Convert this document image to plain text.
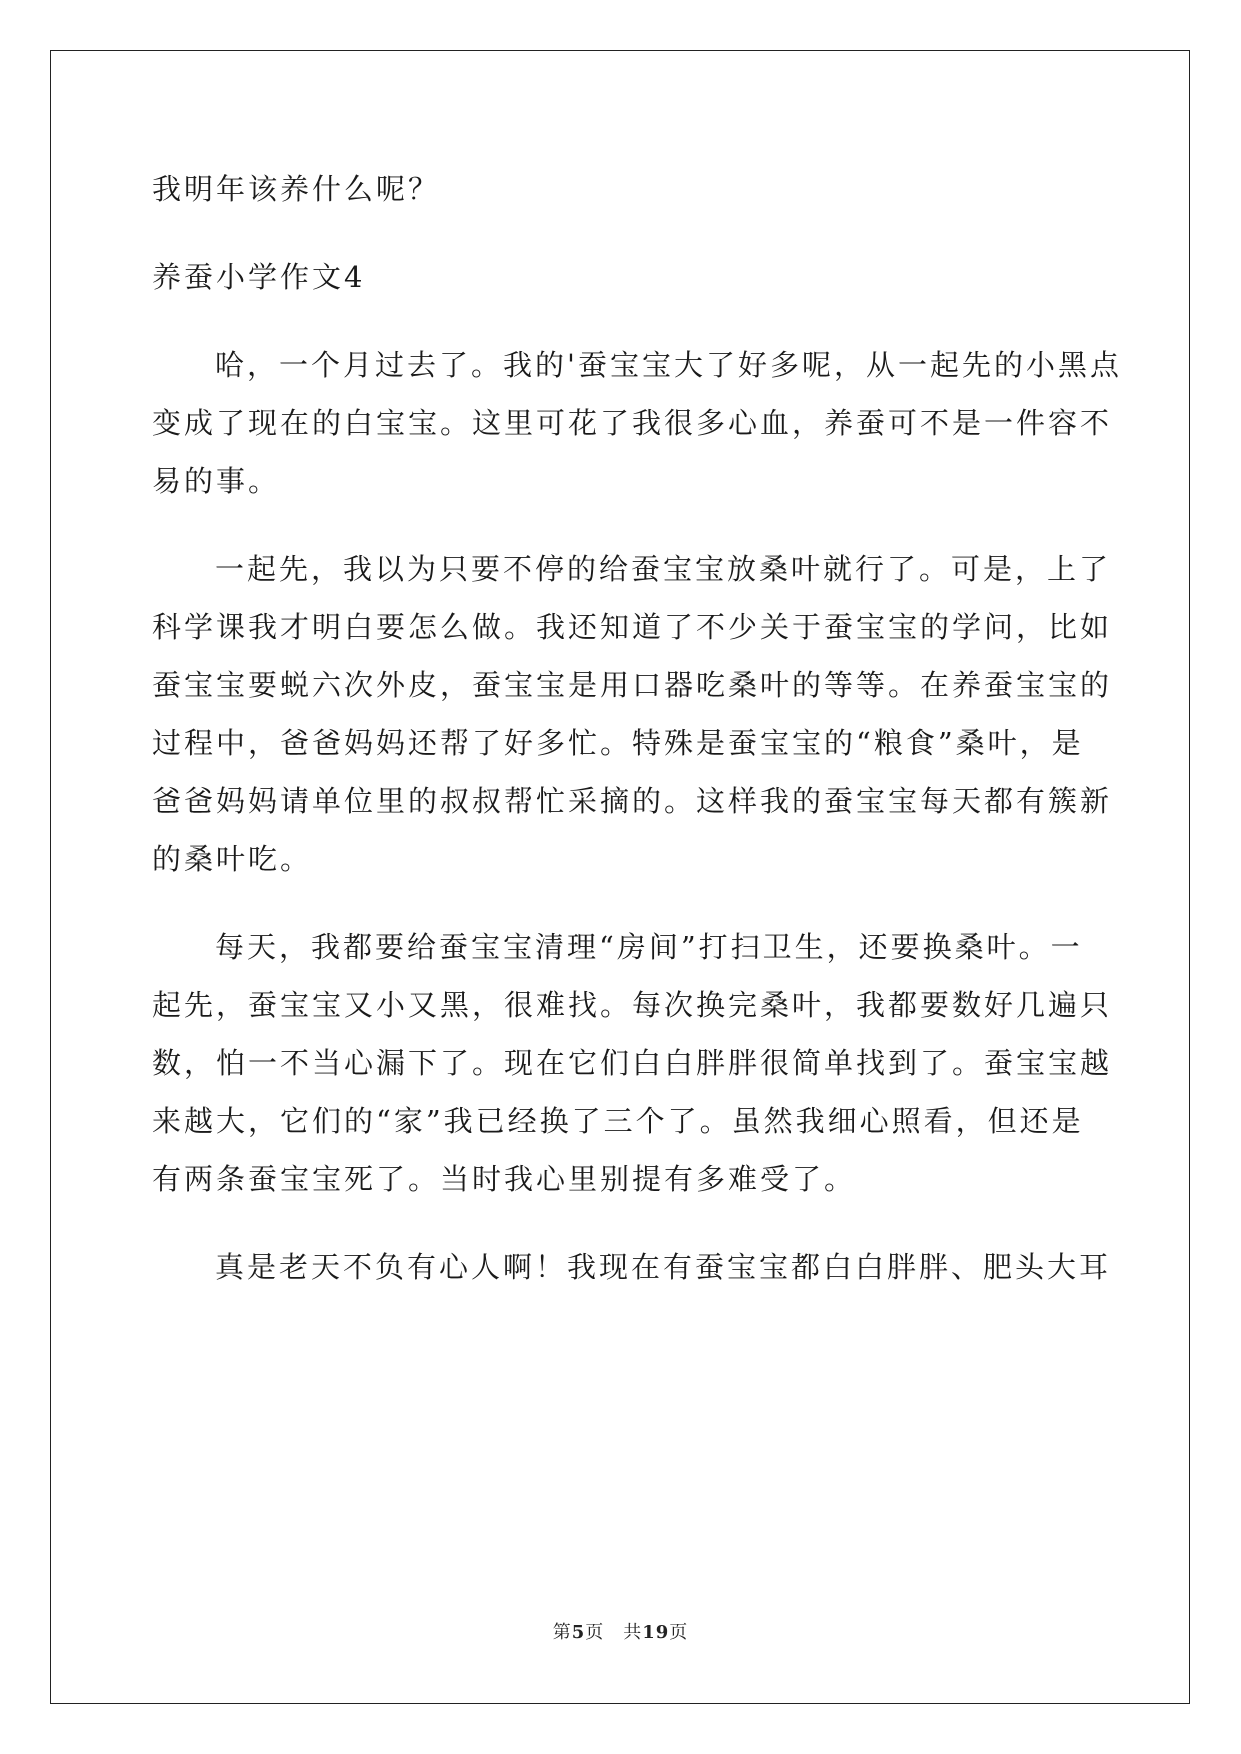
我明年该养什么呢？
养蚕小学作文4
哈，一个月过去了。我的'蚕宝宝大了好多呢，从一起先的小黑点
变成了现在的白宝宝。这里可花了我很多心血，养蚕可不是一件容不
易的事。
一起先，我以为只要不停的给蚕宝宝放桑叶就行了。可是，上了
科学课我才明白要怎么做。我还知道了不少关于蚕宝宝的学问，比如
蚕宝宝要蜕六次外皮，蚕宝宝是用口器吃桑叶的等等。在养蚕宝宝的
过程中，爸爸妈妈还帮了好多忙。特殊是蚕宝宝的“粮食”桑叶，是
爸爸妈妈请单位里的叔叔帮忙采摘的。这样我的蚕宝宝每天都有簇新
的桑叶吃。
每天，我都要给蚕宝宝清理“房间”打扫卫生，还要换桑叶。一
起先，蚕宝宝又小又黑，很难找。每次换完桑叶，我都要数好几遍只
数，怕一不当心漏下了。现在它们白白胖胖很简单找到了。蚕宝宝越
来越大，它们的“家”我已经换了三个了。虽然我细心照看，但还是
有两条蚕宝宝死了。当时我心里别提有多难受了。
真是老天不负有心人啊！我现在有蚕宝宝都白白胖胖、肥头大耳
第5页　共19页
